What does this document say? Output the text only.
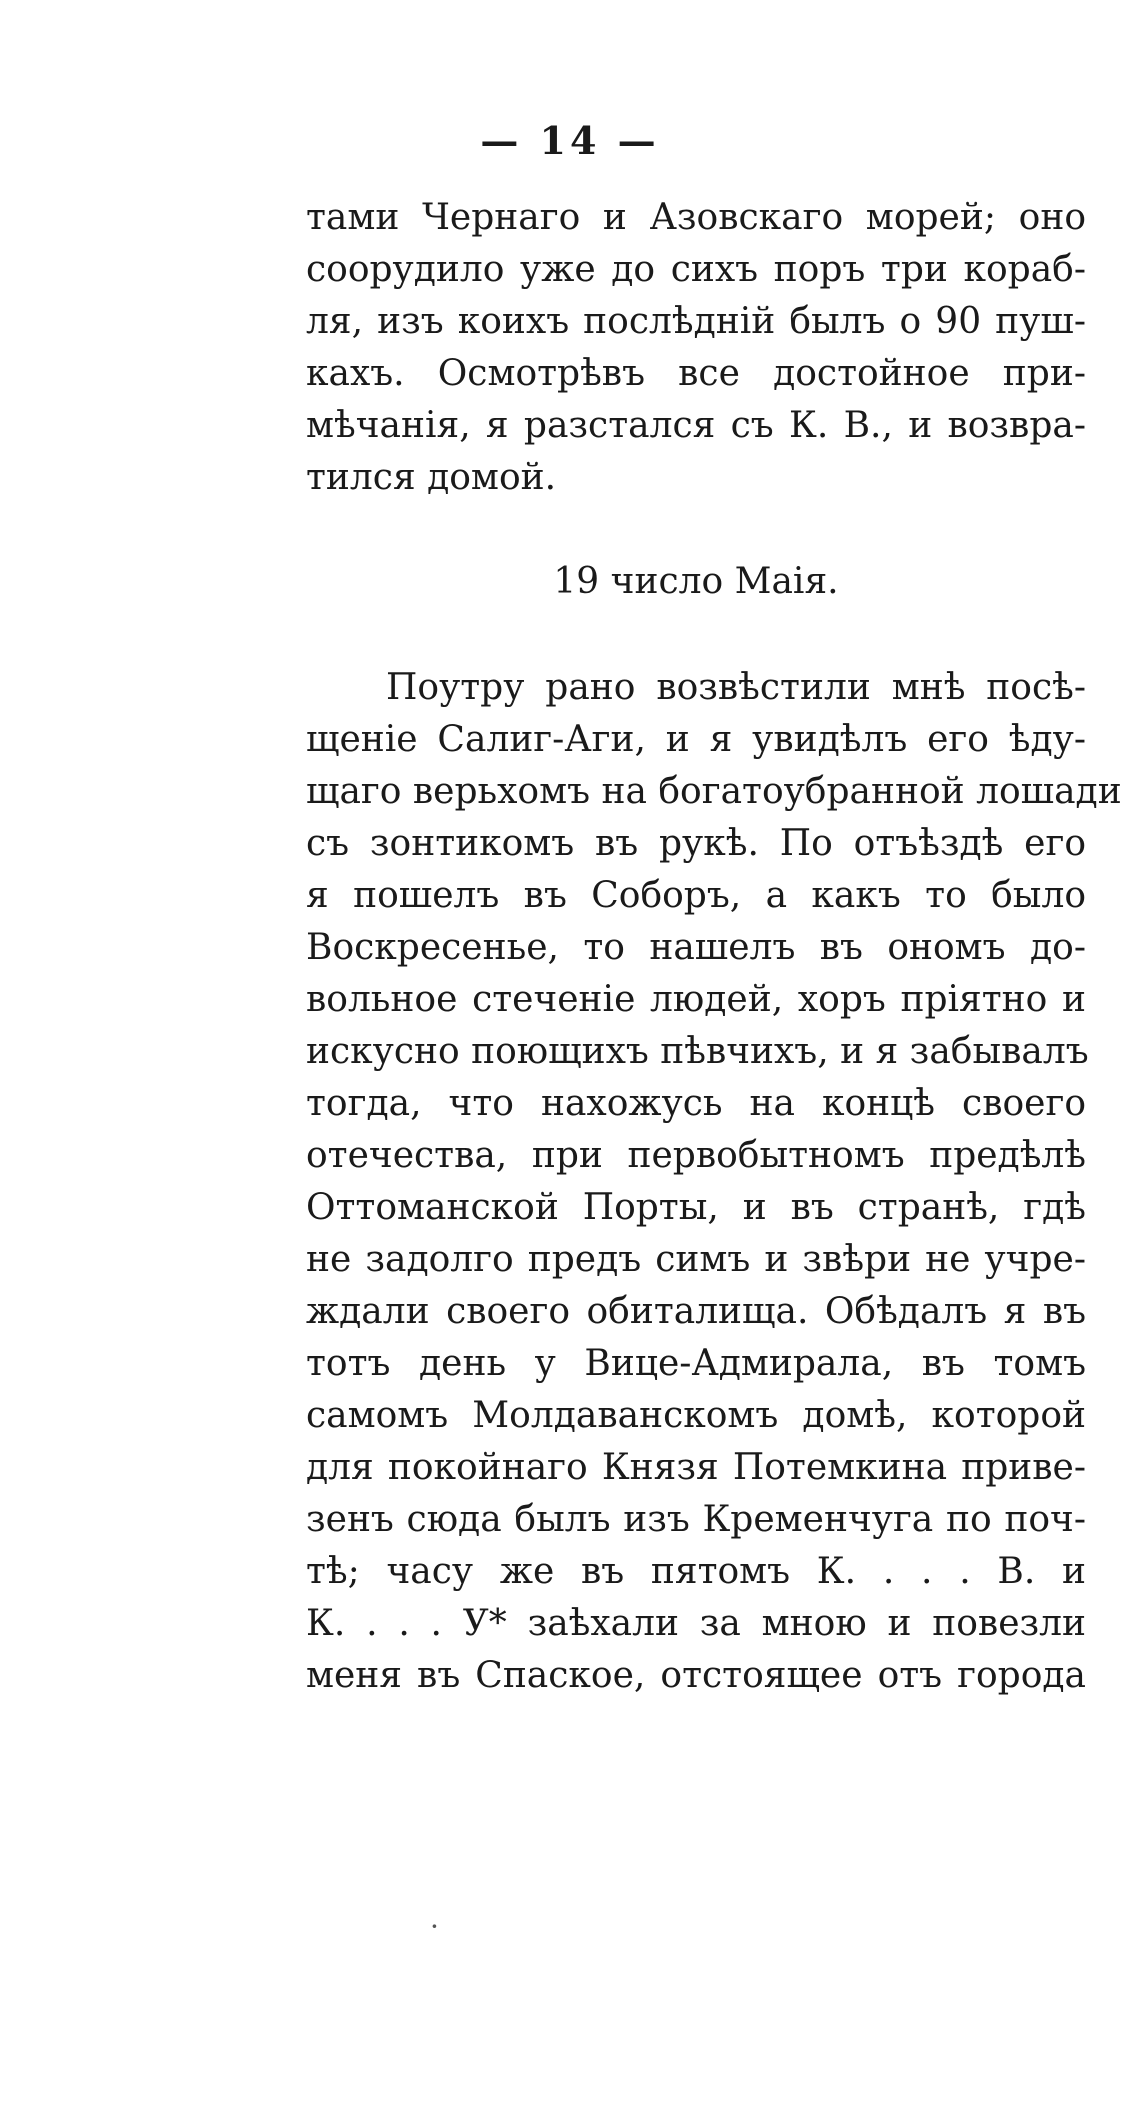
— 14 —
тами Чернаго и Азовскаго морей; оно
соорудило уже до сихъ поръ три кораб-
ля, изъ коихъ послѣднiй былъ о 90 пуш-
кахъ. Осмотрѣвъ все достойное при-
мѣчанiя, я разстался съ К. В., и возвра-
тился домой.
19 число Маiя.
Поутру рано возвѣстили мнѣ посѣ-
щенiе Салиг-Аги, и я увидѣлъ его ѣду-
щаго верьхомъ на богатоубранной лошади
съ зонтикомъ въ рукѣ. По отъѣздѣ его
я пошелъ въ Соборъ, а какъ то было
Воскресенье, то нашелъ въ ономъ до-
вольное стеченiе людей, хоръ прiятно и
искусно поющихъ пѣвчихъ, и я забывалъ
тогда, что нахожусь на концѣ своего
отечества, при первобытномъ предѣлѣ
Оттоманской Порты, и въ странѣ, гдѣ
не задолго предъ симъ и звѣри не учре-
ждали своего обиталища. Обѣдалъ я въ
тотъ день у Вице-Адмирала, въ томъ
самомъ Молдаванскомъ домѣ, которой
для покойнаго Князя Потемкина привe-
зенъ сюда былъ изъ Кременчуга по поч-
тѣ; часу же въ пятомъ К. . . . В. и
К. . . . У* заѣхали за мною и повезли
меня въ Спаское, отстоящее отъ города
·
